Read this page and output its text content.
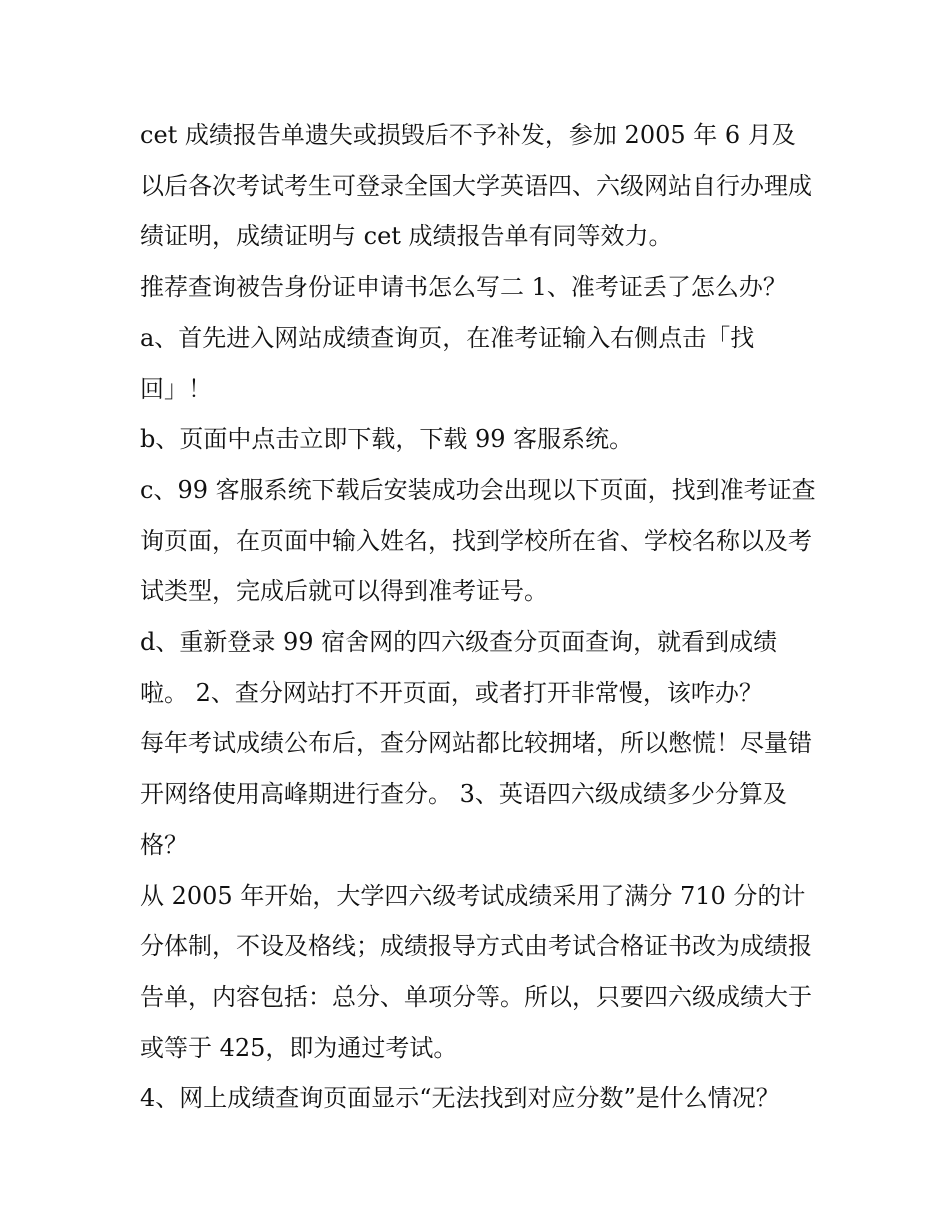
cet 成绩报告单遗失或损毁后不予补发，参加 2005 年 6 月及以后各次考试考生可登录全国大学英语四、六级网站自行办理成绩证明，成绩证明与 cet 成绩报告单有同等效力。

推荐查询被告身份证申请书怎么写二 1、准考证丢了怎么办？

a、首先进入网站成绩查询页，在准考证输入右侧点击「找回」！

b、页面中点击立即下载，下载 99 客服系统。

c、99 客服系统下载后安装成功会出现以下页面，找到准考证查询页面，在页面中输入姓名，找到学校所在省、学校名称以及考试类型，完成后就可以得到准考证号。

d、重新登录 99 宿舍网的四六级查分页面查询，就看到成绩啦。 2、查分网站打不开页面，或者打开非常慢，该咋办？

每年考试成绩公布后，查分网站都比较拥堵，所以憋慌！尽量错开网络使用高峰期进行查分。 3、英语四六级成绩多少分算及格？

从 2005 年开始，大学四六级考试成绩采用了满分 710 分的计分体制，不设及格线；成绩报导方式由考试合格证书改为成绩报告单，内容包括：总分、单项分等。所以，只要四六级成绩大于或等于 425，即为通过考试。

4、网上成绩查询页面显示“无法找到对应分数”是什么情况？
